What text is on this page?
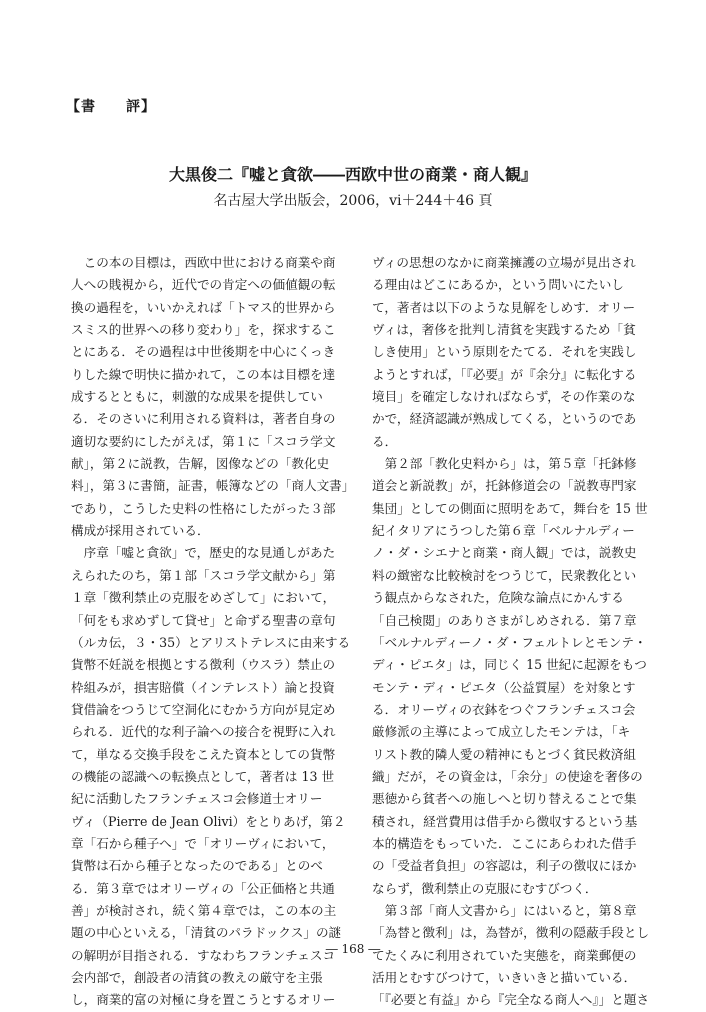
【書　　評】
大黒俊二『嘘と貪欲――西欧中世の商業・商人観』
名古屋大学出版会，2006，vi＋244＋46 頁

　この本の目標は，西欧中世における商業や商

人への賎視から，近代での肯定への価値観の転

換の過程を，いいかえれば「トマス的世界から

スミス的世界への移り変わり」を，探求するこ

とにある．その過程は中世後期を中心にくっき

りした線で明快に描かれて，この本は目標を達

成するとともに，刺激的な成果を提供してい

る．そのさいに利用される資料は，著者自身の

適切な要約にしたがえば，第１に「スコラ学文

献」，第２に説教，告解，図像などの「教化史

料」，第３に書簡，証書，帳簿などの「商人文書」

であり，こうした史料の性格にしたがった３部

構成が採用されている．

　序章「嘘と貪欲」で，歴史的な見通しがあた

えられたのち，第１部「スコラ学文献から」第

１章「徴利禁止の克服をめざして」において，

「何をも求めずして貸せ」と命ずる聖書の章句

（ルカ伝，３・35）とアリストテレスに由来する

貨幣不妊説を根拠とする徴利（ウスラ）禁止の

枠組みが，損害賠償（インテレスト）論と投資

貸借論をつうじて空洞化にむかう方向が見定め

られる．近代的な利子論への接合を視野に入れ

て，単なる交換手段をこえた資本としての貨幣

の機能の認識への転換点として，著者は 13 世

紀に活動したフランチェスコ会修道士オリー

ヴィ（Pierre de Jean Olivi）をとりあげ，第２

章「石から種子へ」で「オリーヴィにおいて，

貨幣は石から種子となったのである」とのべ

る．第３章ではオリーヴィの「公正価格と共通

善」が検討され，続く第４章では，この本の主

題の中心といえる，「清貧のパラドックス」の謎

の解明が目指される．すなわちフランチェスコ

会内部で，創設者の清貧の教えの厳守を主張

し，商業的富の対極に身を置こうとするオリー

ヴィの思想のなかに商業擁護の立場が見出され

る理由はどこにあるか，という問いにたいし

て，著者は以下のような見解をしめす．オリー

ヴィは，奢侈を批判し清貧を実践するため「貧

しき使用」という原則をたてる．それを実践し

ようとすれば，「『必要』が『余分』に転化する

境目」を確定しなければならず，その作業のな

かで，経済認識が熟成してくる，というのであ

る．

　第２部「教化史料から」は，第５章「托鉢修

道会と新説教」が，托鉢修道会の「説教専門家

集団」としての側面に照明をあて，舞台を 15 世

紀イタリアにうつした第６章「ベルナルディー

ノ・ダ・シエナと商業・商人観」では，説教史

料の緻密な比較検討をつうじて，民衆教化とい

う観点からなされた，危険な論点にかんする

「自己検閲」のありさまがしめされる．第７章

「ベルナルディーノ・ダ・フェルトレとモンテ・

ディ・ピエタ」は，同じく 15 世紀に起源をもつ

モンテ・ディ・ピエタ（公益質屋）を対象とす

る．オリーヴィの衣鉢をつぐフランチェスコ会

厳修派の主導によって成立したモンテは，「キ

リスト教的隣人愛の精神にもとづく貧民救済組

織」だが，その資金は，「余分」の使途を奢侈の

悪徳から貧者への施しへと切り替えることで集

積され，経営費用は借手から徴収するという基

本的構造をもっていた．ここにあらわれた借手

の「受益者負担」の容認は，利子の徴収にほか

ならず，徴利禁止の克服にむすびつく．

　第３部「商人文書から」にはいると，第８章

「為替と徴利」は，為替が，徴利の隠蔽手段とし

てたくみに利用されていた実態を，商業郵便の

活用とむすびつけて，いきいきと描いている．

「『必要と有益』から『完全なる商人へ』」と題さ

― 168 ―
